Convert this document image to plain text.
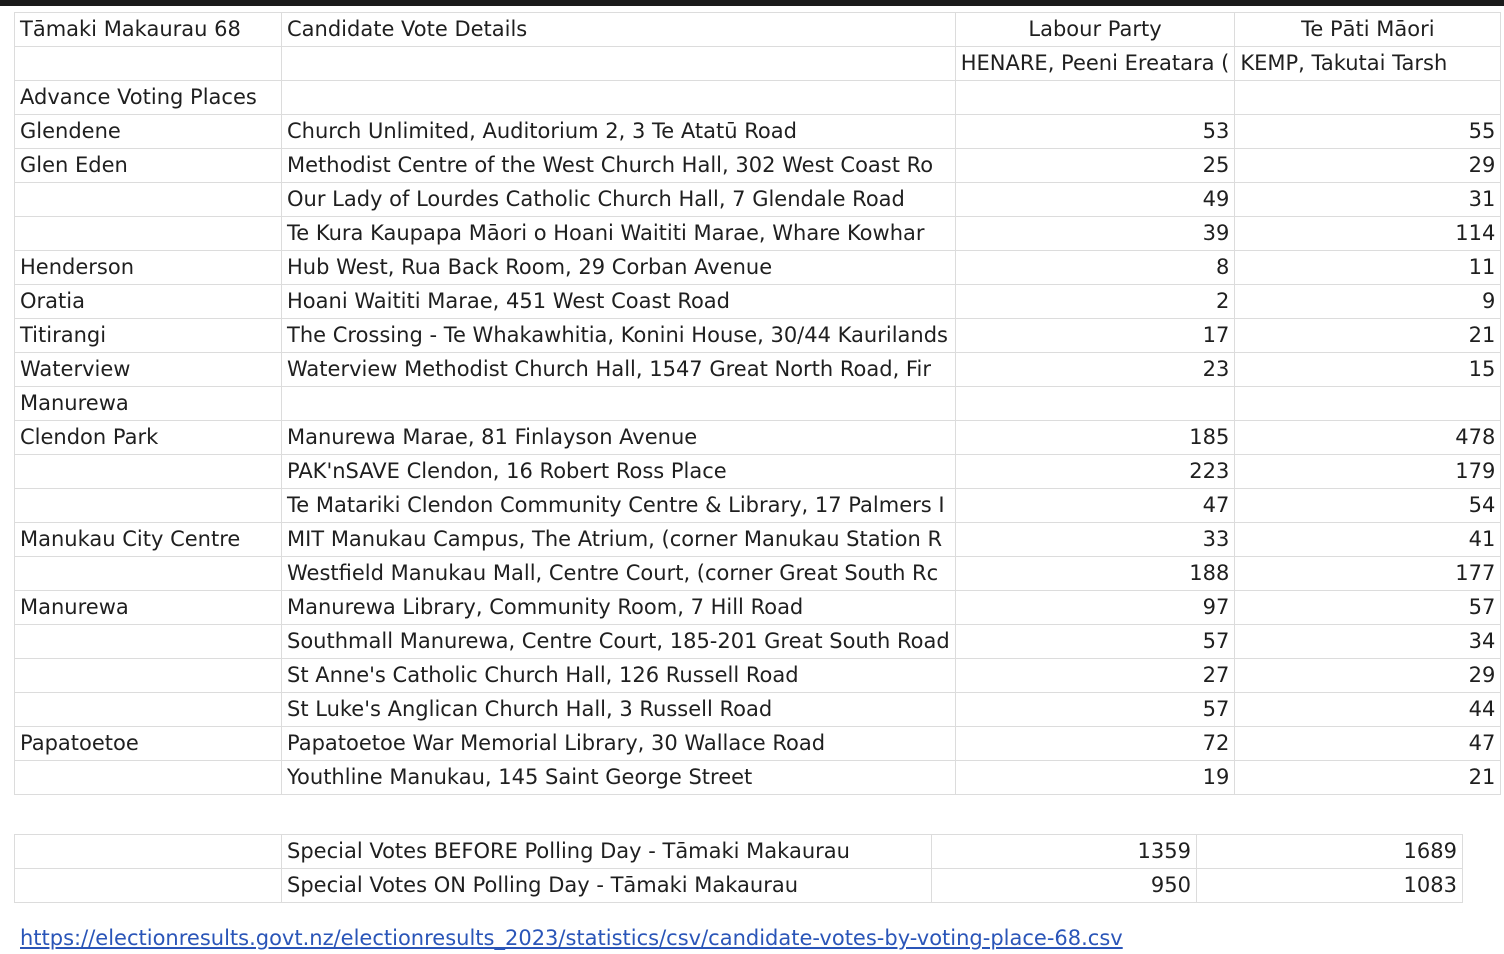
Tāmaki Makaurau 68	Candidate Vote Details	Labour Party	Te Pāti Māori
		HENARE, Peeni Ereatara (	KEMP, Takutai Tarsh
Advance Voting Places			
Glendene	Church Unlimited, Auditorium 2, 3 Te Atatū Road	53	55
Glen Eden	Methodist Centre of the West Church Hall, 302 West Coast Ro	25	29
	Our Lady of Lourdes Catholic Church Hall, 7 Glendale Road	49	31
	Te Kura Kaupapa Māori o Hoani Waititi Marae, Whare Kowhar	39	114
Henderson	Hub West, Rua Back Room, 29 Corban Avenue	8	11
Oratia	Hoani Waititi Marae, 451 West Coast Road	2	9
Titirangi	The Crossing - Te Whakawhitia, Konini House, 30/44 Kaurilands	17	21
Waterview	Waterview Methodist Church Hall, 1547 Great North Road, Fir	23	15
Manurewa			
Clendon Park	Manurewa Marae, 81 Finlayson Avenue	185	478
	PAK'nSAVE Clendon, 16 Robert Ross Place	223	179
	Te Matariki Clendon Community Centre & Library, 17 Palmers I	47	54
Manukau City Centre	MIT Manukau Campus, The Atrium, (corner Manukau Station R	33	41
	Westfield Manukau Mall, Centre Court, (corner Great South Rc	188	177
Manurewa	Manurewa Library, Community Room, 7 Hill Road	97	57
	Southmall Manurewa, Centre Court, 185-201 Great South Road	57	34
	St Anne's Catholic Church Hall, 126 Russell Road	27	29
	St Luke's Anglican Church Hall, 3 Russell Road	57	44
Papatoetoe	Papatoetoe War Memorial Library, 30 Wallace Road	72	47
	Youthline Manukau, 145 Saint George Street	19	21
	Special Votes BEFORE Polling Day - Tāmaki Makaurau	1359	1689
	Special Votes ON Polling Day - Tāmaki Makaurau	950	1083
https://electionresults.govt.nz/electionresults_2023/statistics/csv/candidate-votes-by-voting-place-68.csv
